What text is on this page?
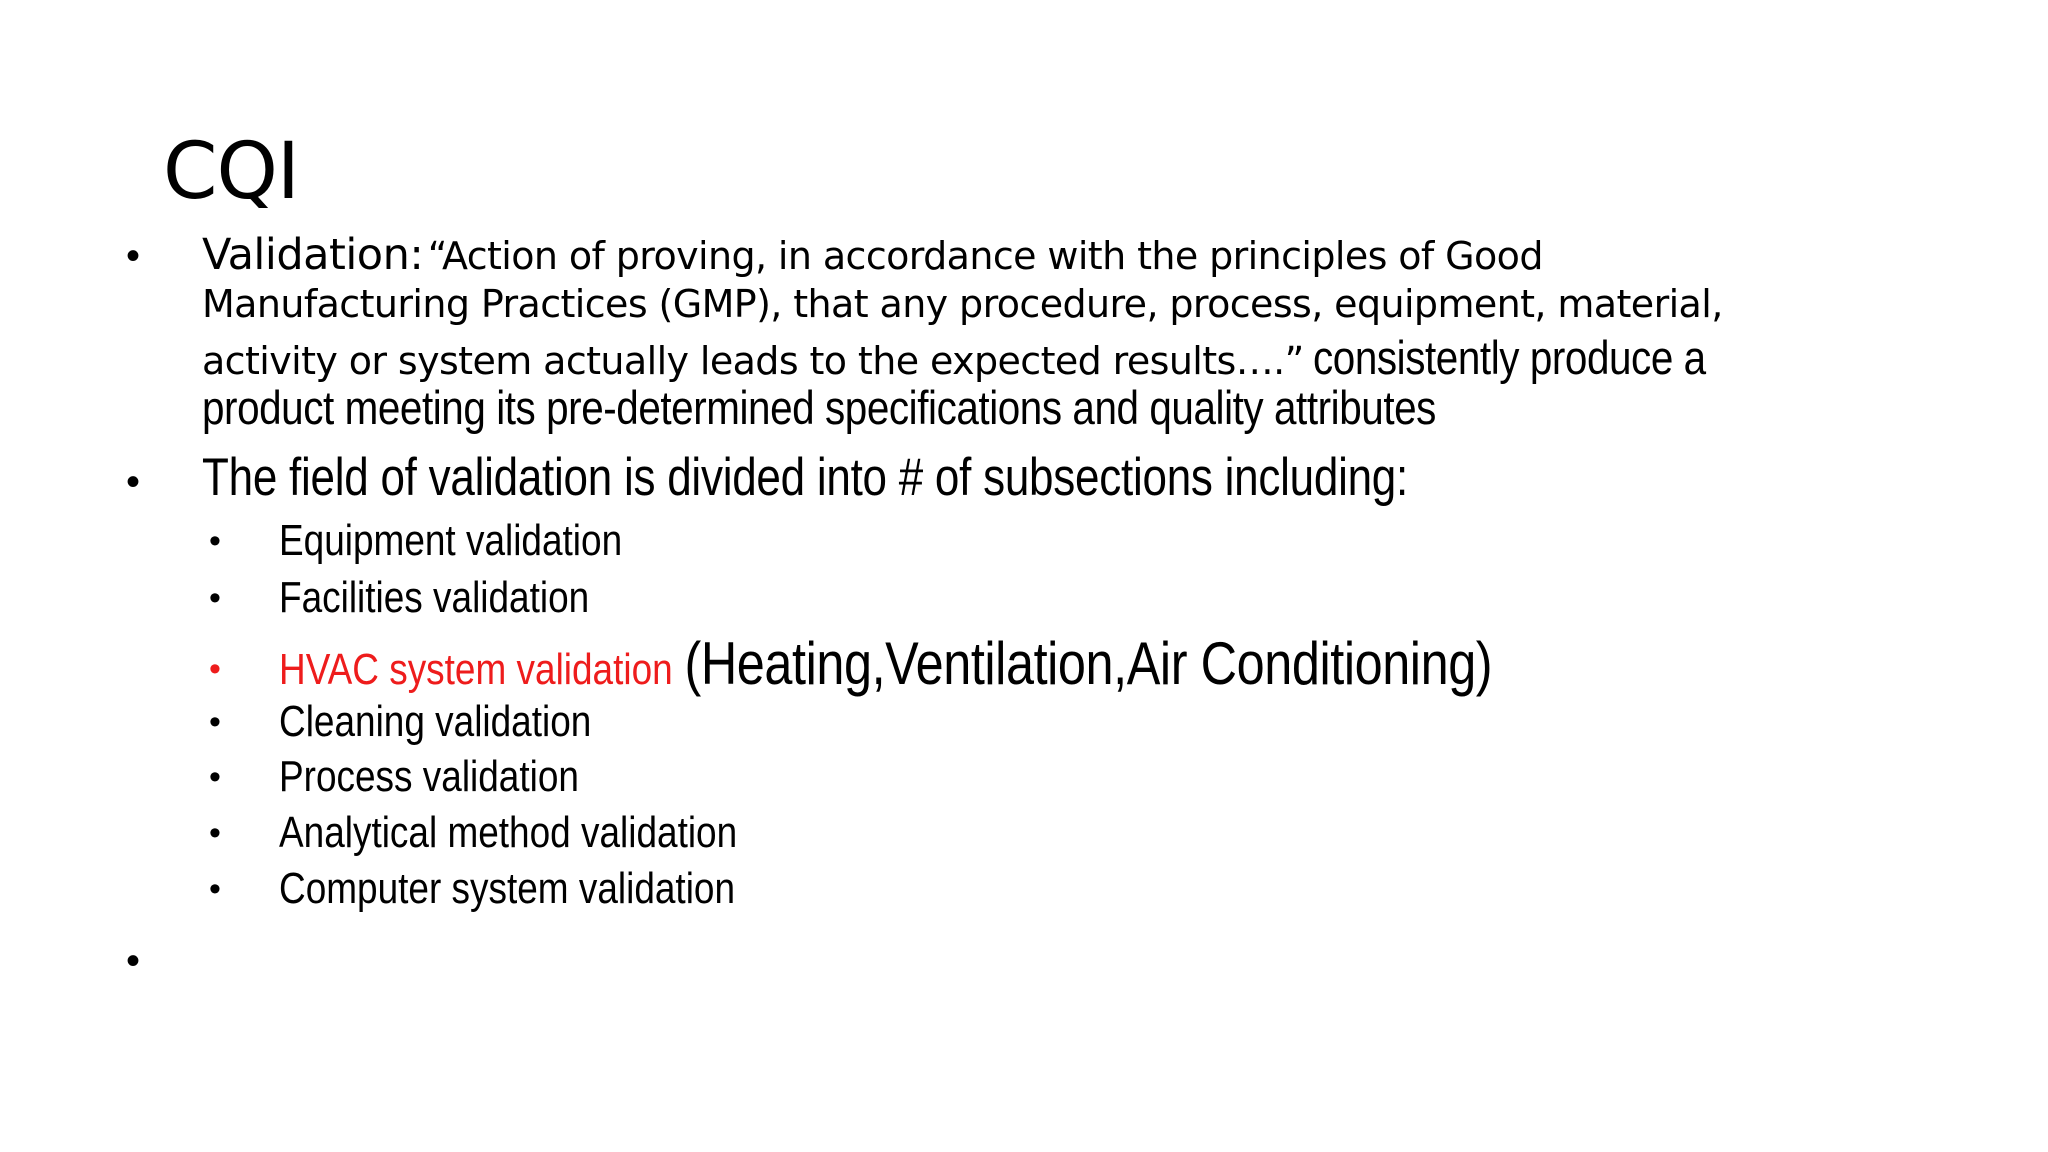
CQI
• Validation: “Action of proving, in accordance with the principles of Good
Manufacturing Practices (GMP), that any procedure, process, equipment, material,
activity or system actually leads to the expected results….” consistently produce a
product meeting its pre-determined specifications and quality attributes
• The field of validation is divided into # of subsections including:
• Equipment validation
• Facilities validation
• HVAC system validation (Heating,Ventilation,Air Conditioning)
• Cleaning validation
• Process validation
• Analytical method validation
• Computer system validation
•
